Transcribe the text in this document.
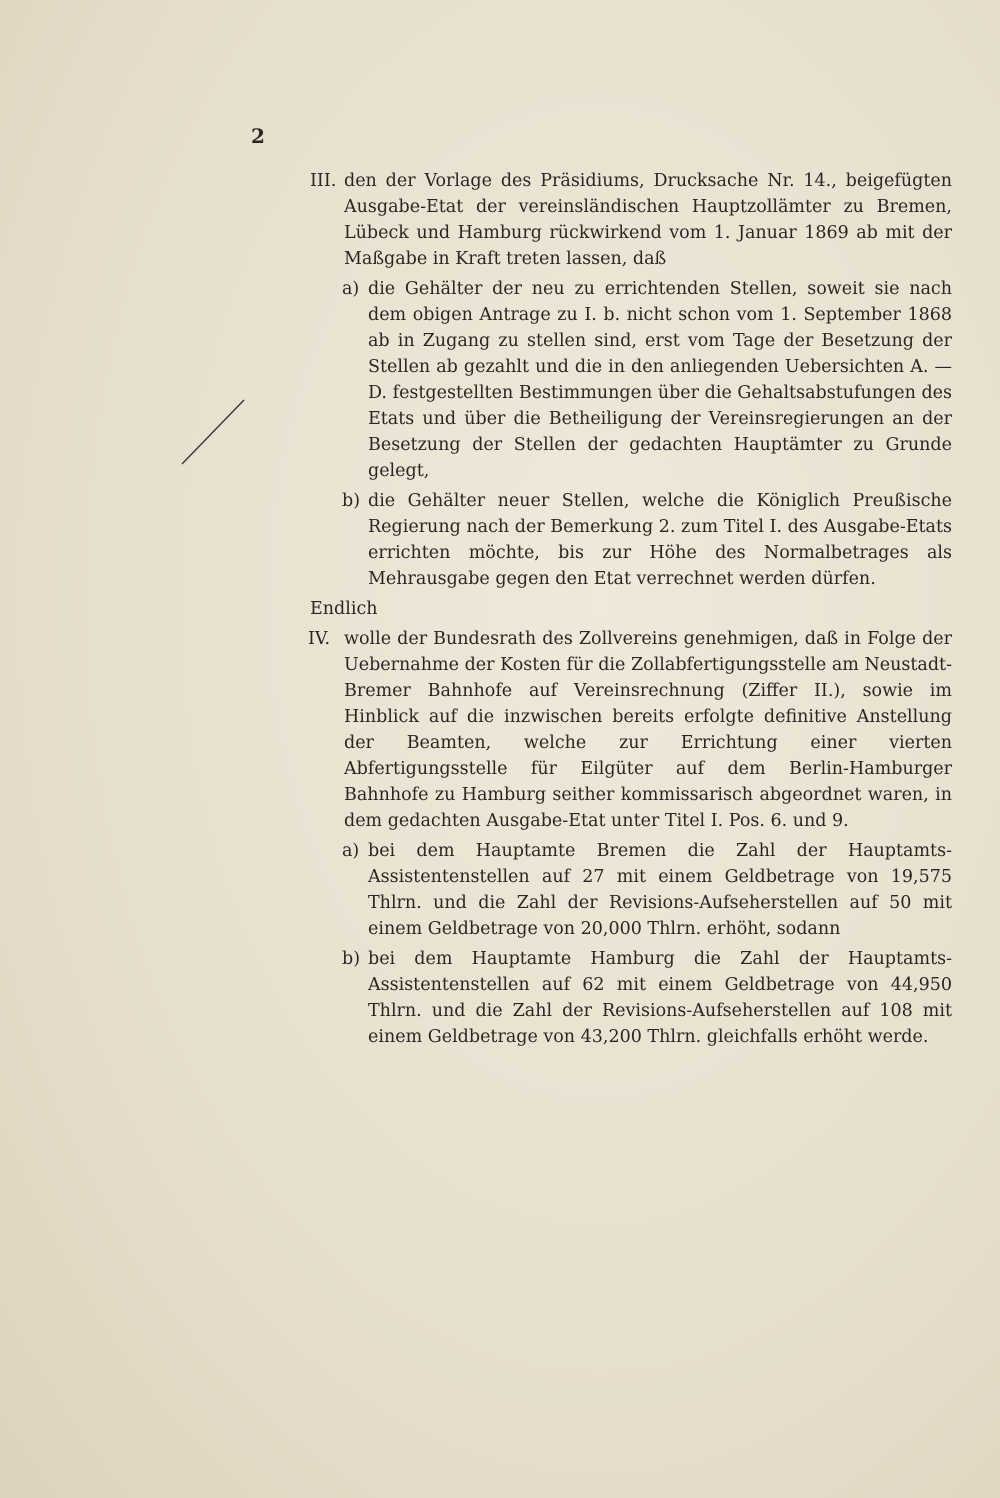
2
III. den der Vorlage des Präsidiums, Drucksache Nr. 14., beigefügten Ausgabe-Etat der vereinsländischen Hauptzollämter zu Bremen, Lübeck und Hamburg rückwirkend vom 1. Januar 1869 ab mit der Maßgabe in Kraft treten lassen, daß

a) die Gehälter der neu zu errichtenden Stellen, soweit sie nach dem obigen Antrage zu I. b. nicht schon vom 1. September 1868 ab in Zugang zu stellen sind, erst vom Tage der Besetzung der Stellen ab gezahlt und die in den anliegenden Uebersichten A. — D. festgestellten Bestimmungen über die Gehaltsabstufungen des Etats und über die Betheiligung der Vereinsregierungen an der Besetzung der Stellen der gedachten Hauptämter zu Grunde gelegt,

b) die Gehälter neuer Stellen, welche die Königlich Preußische Regierung nach der Bemerkung 2. zum Titel I. des Ausgabe-Etats errichten möchte, bis zur Höhe des Normalbetrages als Mehrausgabe gegen den Etat verrechnet werden dürfen.

Endlich

IV. wolle der Bundesrath des Zollvereins genehmigen, daß in Folge der Uebernahme der Kosten für die Zollabfertigungsstelle am Neustadt-Bremer Bahnhofe auf Vereinsrechnung (Ziffer II.), sowie im Hinblick auf die inzwischen bereits erfolgte definitive Anstellung der Beamten, welche zur Errichtung einer vierten Abfertigungsstelle für Eilgüter auf dem Berlin-Hamburger Bahnhofe zu Hamburg seither kommissarisch abgeordnet waren, in dem gedachten Ausgabe-Etat unter Titel I. Pos. 6. und 9.

a) bei dem Hauptamte Bremen die Zahl der Hauptamts-Assistentenstellen auf 27 mit einem Geldbetrage von 19,575 Thlrn. und die Zahl der Revisions-Aufseherstellen auf 50 mit einem Geldbetrage von 20,000 Thlrn. erhöht, sodann

b) bei dem Hauptamte Hamburg die Zahl der Hauptamts-Assistentenstellen auf 62 mit einem Geldbetrage von 44,950 Thlrn. und die Zahl der Revisions-Aufseherstellen auf 108 mit einem Geldbetrage von 43,200 Thlrn. gleichfalls erhöht werde.
